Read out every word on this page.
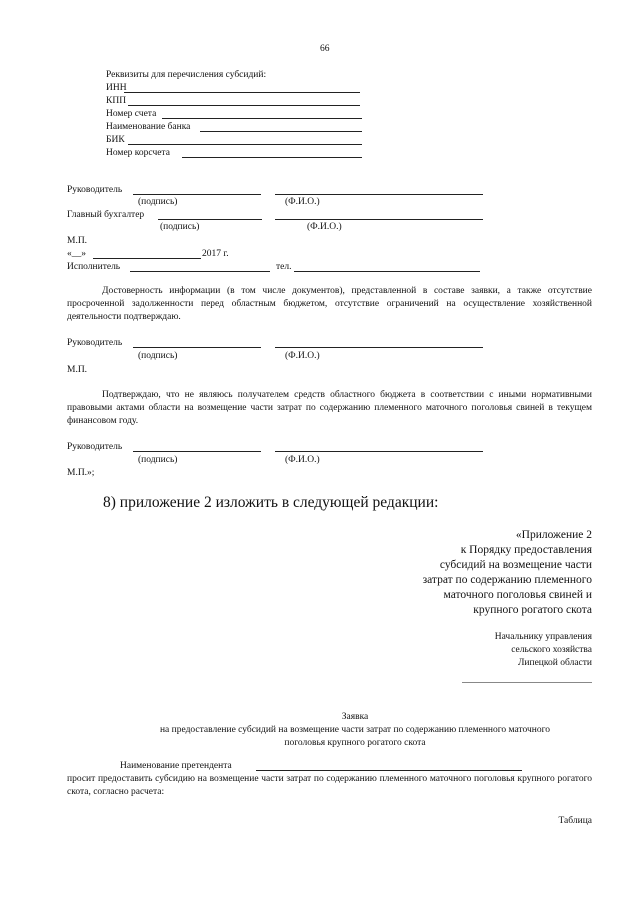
66
Реквизиты для перечисления субсидий:
ИНН
КПП
Номер счета
Наименование банка
БИК
Номер корсчета
Руководитель
(подпись)	(Ф.И.О.)
Главный бухгалтер
(подпись)	(Ф.И.О.)
М.П.
«__»	2017 г.
Исполнитель	тел.
Достоверность информации (в том числе документов), представленной в составе заявки, а также отсутствие просроченной задолженности перед областным бюджетом, отсутствие ограничений на осуществление хозяйственной деятельности подтверждаю.
Руководитель
(подпись)	(Ф.И.О.)
М.П.
Подтверждаю, что не являюсь получателем средств областного бюджета в соответствии с иными нормативными правовыми актами области на возмещение части затрат по содержанию племенного маточного поголовья свиней в текущем финансовом году.
Руководитель
(подпись)	(Ф.И.О.)
М.П.»;
8) приложение 2 изложить в следующей редакции:
«Приложение 2
к Порядку предоставления
субсидий на возмещение части
затрат по содержанию племенного
маточного поголовья свиней и
крупного рогатого скота
Начальнику управления
сельского хозяйства
Липецкой области
Заявка
на предоставление субсидий на возмещение части затрат по содержанию племенного маточного
поголовья крупного рогатого скота
Наименование претендента
просит предоставить субсидию на возмещение части затрат по содержанию племенного маточного поголовья крупного рогатого скота, согласно расчета:
Таблица
